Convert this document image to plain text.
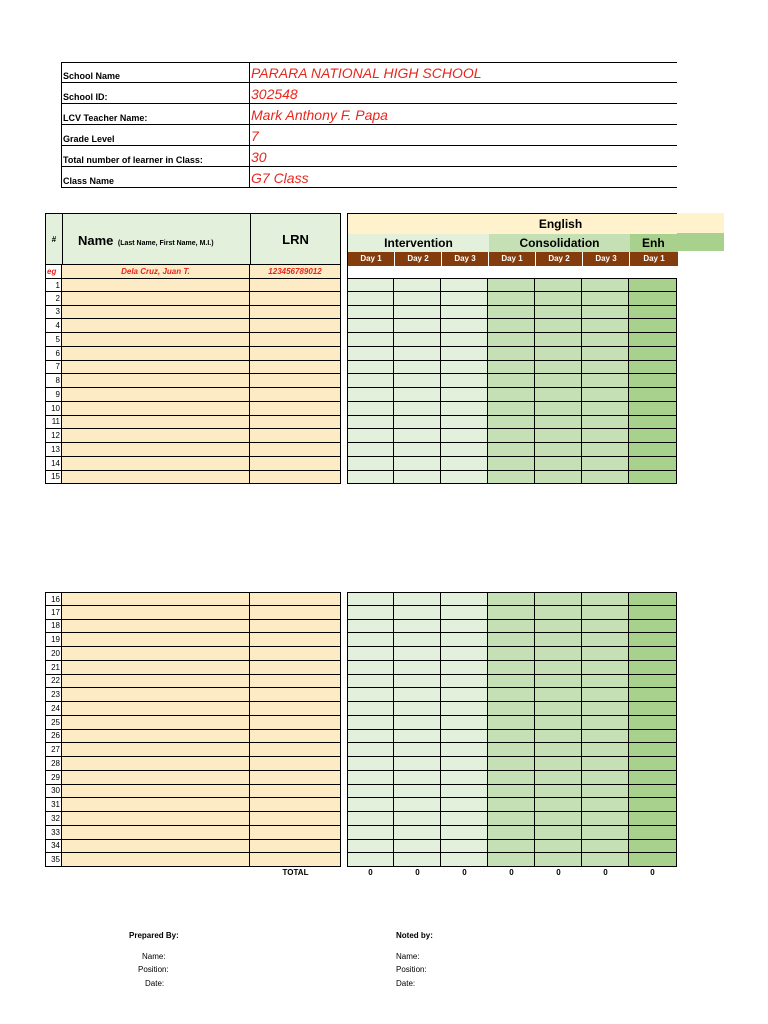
School Name	PARARA NATIONAL HIGH SCHOOL
School ID:	302548
LCV Teacher Name:	Mark Anthony F. Papa
Grade Level	7
Total number of learner in Class:	30
Class Name	G7 Class
#	Name (Last Name, First Name, M.I.)	LRN
eg	Dela Cruz, Juan T.	123456789012
English
Intervention	Consolidation	Enh
Day 1	Day 2	Day 3	Day 1	Day 2	Day 3	Day 1
1
2
3
4
5
6
7
8
9
10
11
12
13
14
15
16
17
18
19
20
21
22
23
24
25
26
27
28
29
30
31
32
33
34
35
TOTAL	0	0	0	0	0	0	0
Prepared By:
Name:
Position:
Date:
Noted by:
Name:
Position:
Date:
